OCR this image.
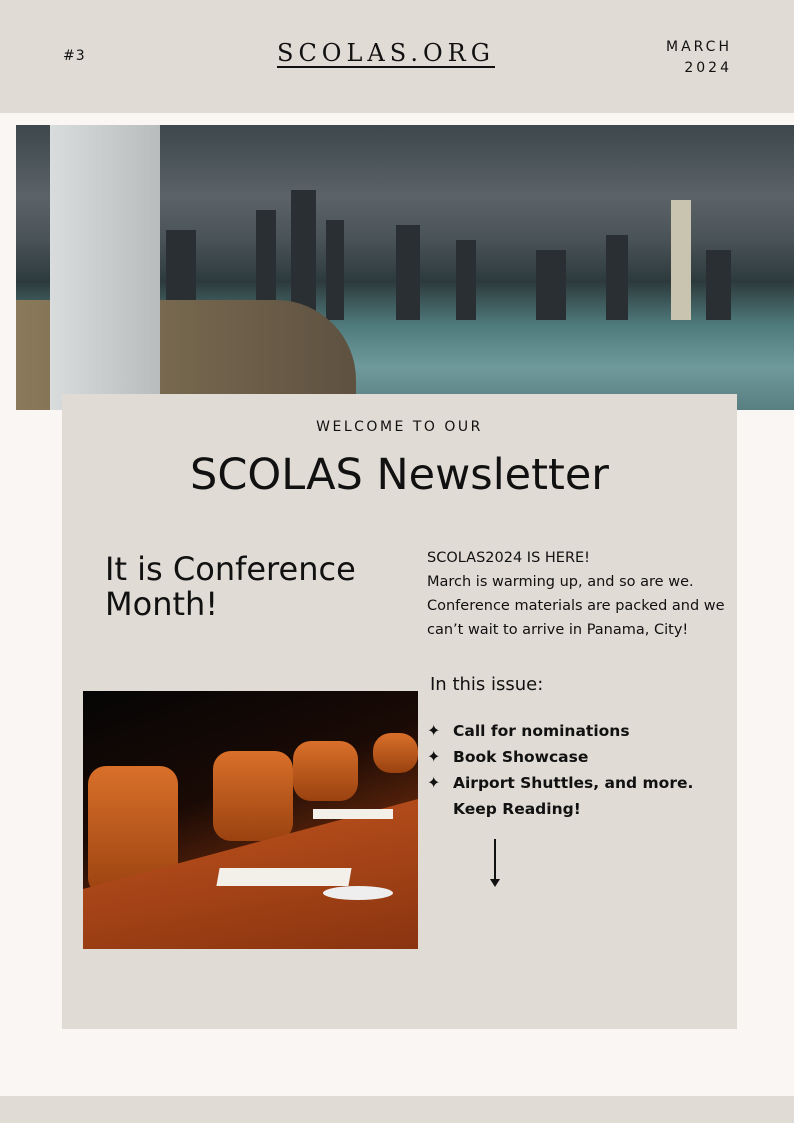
#3	SCOLAS.ORG	MARCH
2024
WELCOME TO OUR
SCOLAS Newsletter
It is Conference Month!
SCOLAS2024 IS HERE!
March is warming up, and so are we. Conference materials are packed and we can’t wait to arrive in Panama, City!
In this issue:
✦ Call for nominations
✦ Book Showcase
✦ Airport Shuttles, and more.
Keep Reading!
